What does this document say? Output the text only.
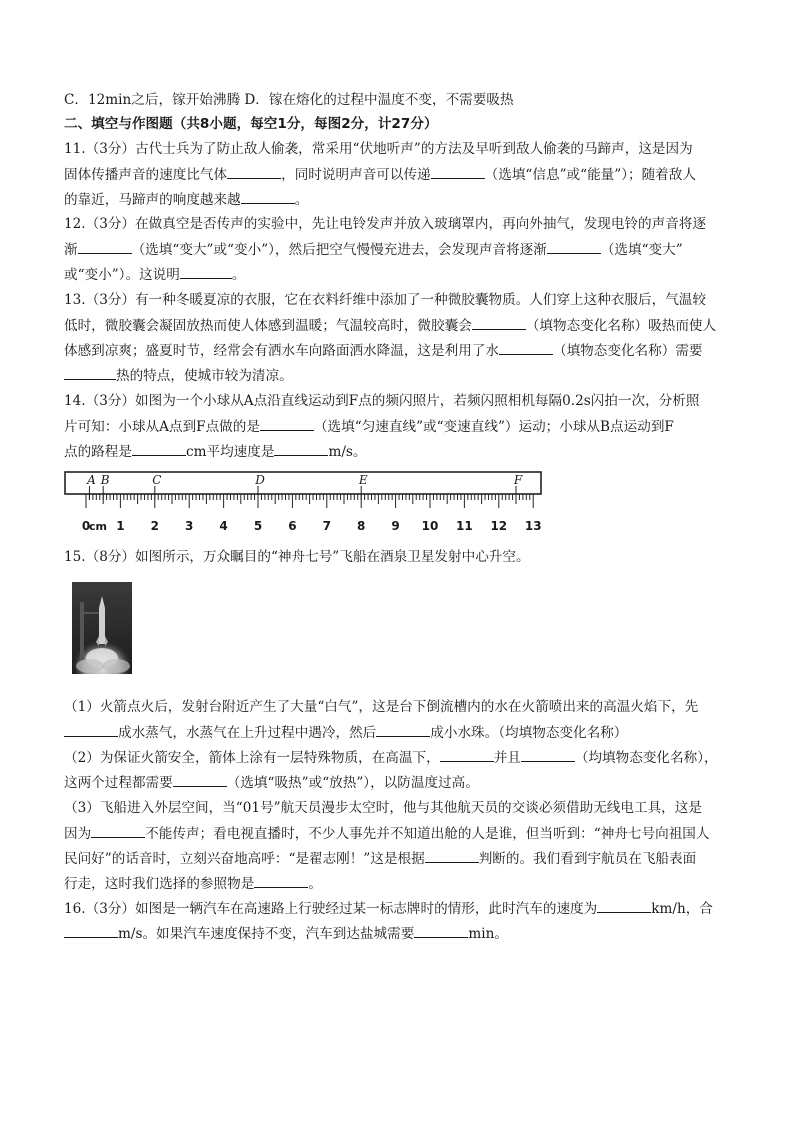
C．12min之后，镓开始沸腾 D．镓在熔化的过程中温度不变，不需要吸热
二、填空与作图题（共8小题，每空1分，每图2分，计27分）
11.（3分）古代士兵为了防止敌人偷袭，常采用“伏地听声”的方法及早听到敌人偷袭的马蹄声，这是因为
固体传播声音的速度比气体	，同时说明声音可以传递	（选填“信息”或“能量”）；随着敌人
的靠近，马蹄声的响度越来越	。
12.（3分）在做真空是否传声的实验中，先让电铃发声并放入玻璃罩内，再向外抽气，发现电铃的声音将逐
渐	（选填“变大”或“变小”），然后把空气慢慢充进去，会发现声音将逐渐	（选填“变大”
或“变小”）。这说明	。
13.（3分）有一种冬暖夏凉的衣服，它在衣料纤维中添加了一种微胶囊物质。人们穿上这种衣服后，气温较
低时，微胶囊会凝固放热而使人体感到温暖；气温较高时，微胶囊会	（填物态变化名称）吸热而使人
体感到凉爽；盛夏时节，经常会有洒水车向路面洒水降温，这是利用了水	（填物态变化名称）需要
热的特点，使城市较为清凉。
14.（3分）如图为一个小球从A点沿直线运动到F点的频闪照片，若频闪照相机每隔0.2s闪拍一次，分析照
片可知：小球从A点到F点做的是	（选填“匀速直线”或“变速直线”）运动；小球从B点运动到F
点的路程是	cm平均速度是	m/s。
A B	C	D	E	F
0 1 2 3 4 5 6 7 8 9 10 11 12 13
cm
15.（8分）如图所示，万众瞩目的“神舟七号”飞船在酒泉卫星发射中心升空。
（1）火箭点火后，发射台附近产生了大量“白气”，这是台下倒流槽内的水在火箭喷出来的高温火焰下，先
成水蒸气，水蒸气在上升过程中遇冷，然后	成小水珠。（均填物态变化名称）
（2）为保证火箭安全，箭体上涂有一层特殊物质，在高温下，	并且	（均填物态变化名称），
这两个过程都需要	（选填“吸热”或“放热”），以防温度过高。
（3）飞船进入外层空间，当“01号”航天员漫步太空时，他与其他航天员的交谈必须借助无线电工具，这是
因为	不能传声；看电视直播时，不少人事先并不知道出舱的人是谁，但当听到：“神舟七号向祖国人
民问好”的话音时，立刻兴奋地高呼：“是翟志刚！”这是根据	判断的。我们看到宇航员在飞船表面
行走，这时我们选择的参照物是	。
16.（3分）如图是一辆汽车在高速路上行驶经过某一标志牌时的情形，此时汽车的速度为	km/h，合
m/s。如果汽车速度保持不变，汽车到达盐城需要	min。
